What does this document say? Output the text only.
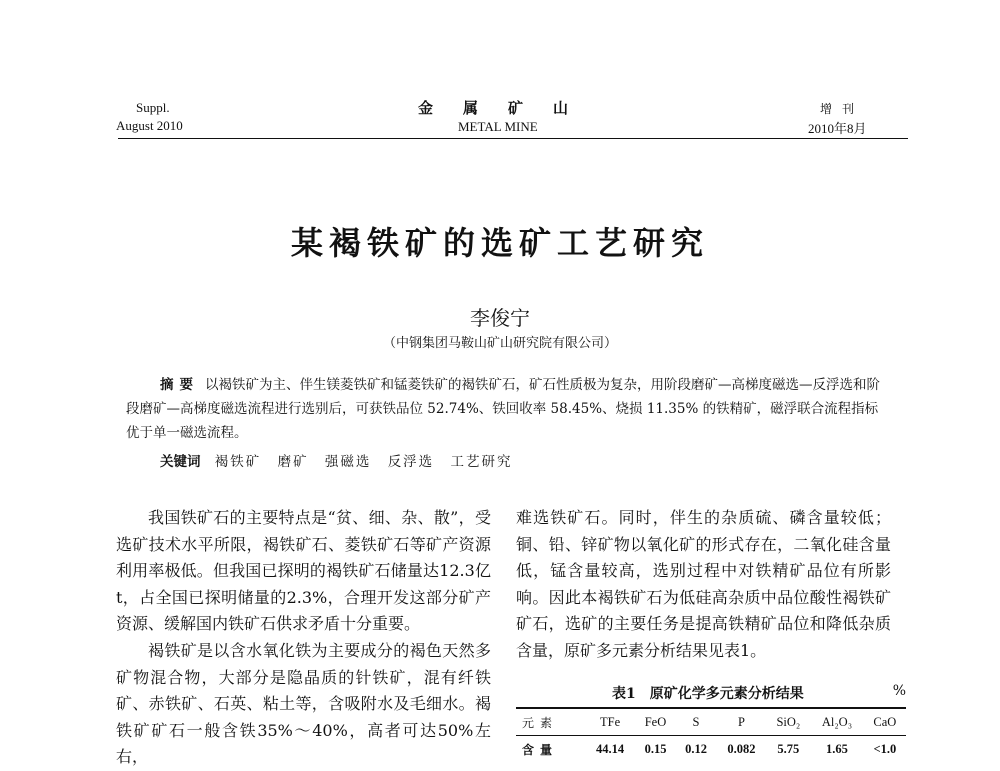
Suppl.
August 2010
金属矿山
METAL MINE
增刊
2010年8月
某褐铁矿的选矿工艺研究
李俊宁
（中钢集团马鞍山矿山研究院有限公司）
摘要 以褐铁矿为主、伴生镁菱铁矿和锰菱铁矿的褐铁矿石，矿石性质极为复杂，用阶段磨矿—高梯度磁选—反浮选和阶段磨矿—高梯度磁选流程进行选别后，可获铁品位 52.74%、铁回收率 58.45%、烧损 11.35% 的铁精矿，磁浮联合流程指标优于单一磁选流程。
关键词 褐铁矿 磨矿 强磁选 反浮选 工艺研究

我国铁矿石的主要特点是“贫、细、杂、散”，受选矿技术水平所限，褐铁矿石、菱铁矿石等矿产资源利用率极低。但我国已探明的褐铁矿石储量达12.3亿t，占全国已探明储量的2.3%，合理开发这部分矿产资源、缓解国内铁矿石供求矛盾十分重要。

褐铁矿是以含水氧化铁为主要成分的褐色天然多矿物混合物，大部分是隐晶质的针铁矿，混有纤铁矿、赤铁矿、石英、粘土等，含吸附水及毛细水。褐铁矿矿石一般含铁35%～40%，高者可达50%左右，

难选铁矿石。同时，伴生的杂质硫、磷含量较低；铜、铅、锌矿物以氧化矿的形式存在，二氧化硅含量低，锰含量较高，选别过程中对铁精矿品位有所影响。因此本褐铁矿石为低硅高杂质中品位酸性褐铁矿矿石，选矿的主要任务是提高铁精矿品位和降低杂质含量，原矿多元素分析结果见表1。

表1　原矿化学多元素分析结果	%
元素	TFe	FeO	S	P	SiO₂	Al₂O₃	CaO
含量	44.14	0.15	0.12	0.082	5.75	1.65	<1.0
